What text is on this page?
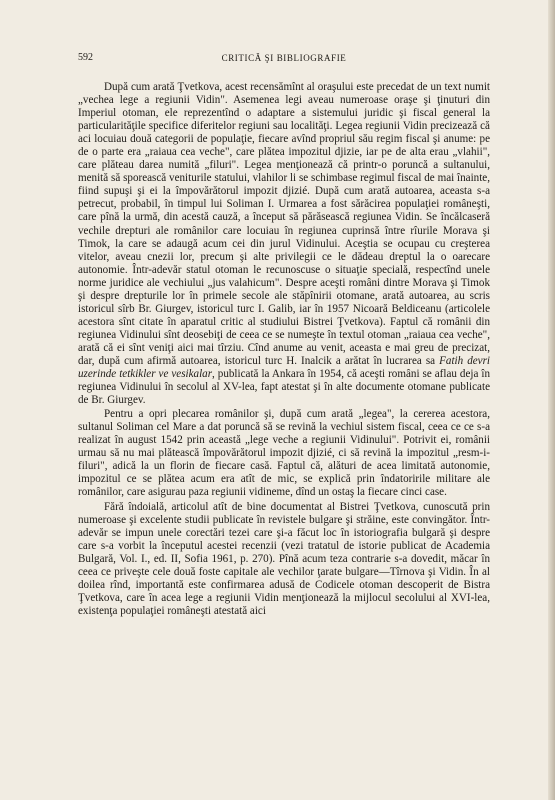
592	CRITICĂ ŞI BIBLIOGRAFIE

După cum arată Ţvetkova, acest recensămînt al oraşului este precedat de un text numit „vechea lege a regiunii Vidin". Asemenea legi aveau numeroase oraşe şi ţinuturi din Imperiul otoman, ele reprezentînd o adaptare a sistemului juridic şi fiscal general la particularităţile specifice diferitelor regiuni sau localităţi. Legea regiunii Vidin precizează că aci locuiau două categorii de populaţie, fiecare avînd propriul său regim fiscal şi anume: pe de o parte era „raiaua cea veche", care plătea impozitul djizie, iar pe de alta erau „vlahii", care plăteau darea numită „filuri". Legea menţionează că printr-o poruncă a sultanului, menită să sporească veniturile statului, vlahilor li se schimbase regimul fiscal de mai înainte, fiind supuşi şi ei la împovărătorul impozit djizié. După cum arată autoarea, aceasta s-a petrecut, probabil, în timpul lui Soliman I. Urmarea a fost sărăcirea populaţiei româneşti, care pînă la urmă, din acestă cauză, a început să părăsească regiunea Vidin. Se încălcaseră vechile drepturi ale românilor care locuiau în regiunea cuprinsă între rîurile Morava şi Timok, la care se adaugă acum cei din jurul Vidinului. Aceştia se ocupau cu creşterea vitelor, aveau cnezii lor, precum şi alte privilegii ce le dădeau dreptul la o oarecare autonomie. Într-adevăr statul otoman le recunoscuse o situaţie specială, respectînd unele norme juridice ale vechiului „jus valahicum". Despre aceşti români dintre Morava şi Timok şi despre drepturile lor în primele secole ale stăpînirii otomane, arată autoarea, au scris istoricul sîrb Br. Giurgev, istoricul turc I. Galib, iar în 1957 Nicoară Beldiceanu (articolele acestora sînt citate în aparatul critic al studiului Bistrei Ţvetkova). Faptul că românii din regiunea Vidinului sînt deosebiţi de ceea ce se numeşte în textul otoman „raiaua cea veche", arată că ei sînt veniţi aici mai tîrziu. Cînd anume au venit, aceasta e mai greu de precizat, dar, după cum afirmă autoarea, istoricul turc H. Inalcik a arătat în lucrarea sa Fatih devri uzerinde tetkikler ve vesikalar, publicată la Ankara în 1954, că aceşti români se aflau deja în regiunea Vidinului în secolul al XV-lea, fapt atestat şi în alte documente otomane publicate de Br. Giurgev.

Pentru a opri plecarea românilor şi, după cum arată „legea", la cererea acestora, sultanul Soliman cel Mare a dat poruncă să se revină la vechiul sistem fiscal, ceea ce ce s-a realizat în august 1542 prin această „lege veche a regiunii Vidinului". Potrivit ei, românii urmau să nu mai plătească împovărătorul impozit djizié, ci să revină la impozitul „resm-i- filuri", adică la un florin de fiecare casă. Faptul că, alături de acea limitată autonomie, impozitul ce se plătea acum era atît de mic, se explică prin îndatoririle militare ale românilor, care asigurau paza regiunii vidineme, dînd un ostaş la fiecare cinci case.

Fără îndoială, articolul atît de bine documentat al Bistrei Ţvetkova, cunoscută prin numeroase şi excelente studii publicate în revistele bulgare şi străine, este convingător. Într-adevăr se impun unele corectări tezei care şi-a făcut loc în istoriografia bulgară şi despre care s-a vorbit la începutul acestei recenzii (vezi tratatul de istorie publicat de Academia Bulgară, Vol. I., ed. II, Sofia 1961, p. 270). Pînă acum teza contrarie s-a dovedit, măcar în ceea ce priveşte cele două foste capitale ale vechilor ţarate bulgare—Tîrnova şi Vidin. În al doilea rînd, importantă este confirmarea adusă de Codicele otoman descoperit de Bistra Ţvetkova, care în acea lege a regiunii Vidin menţionează la mijlocul secolului al XVI-lea, existenţa populaţiei româneşti atestată aici
